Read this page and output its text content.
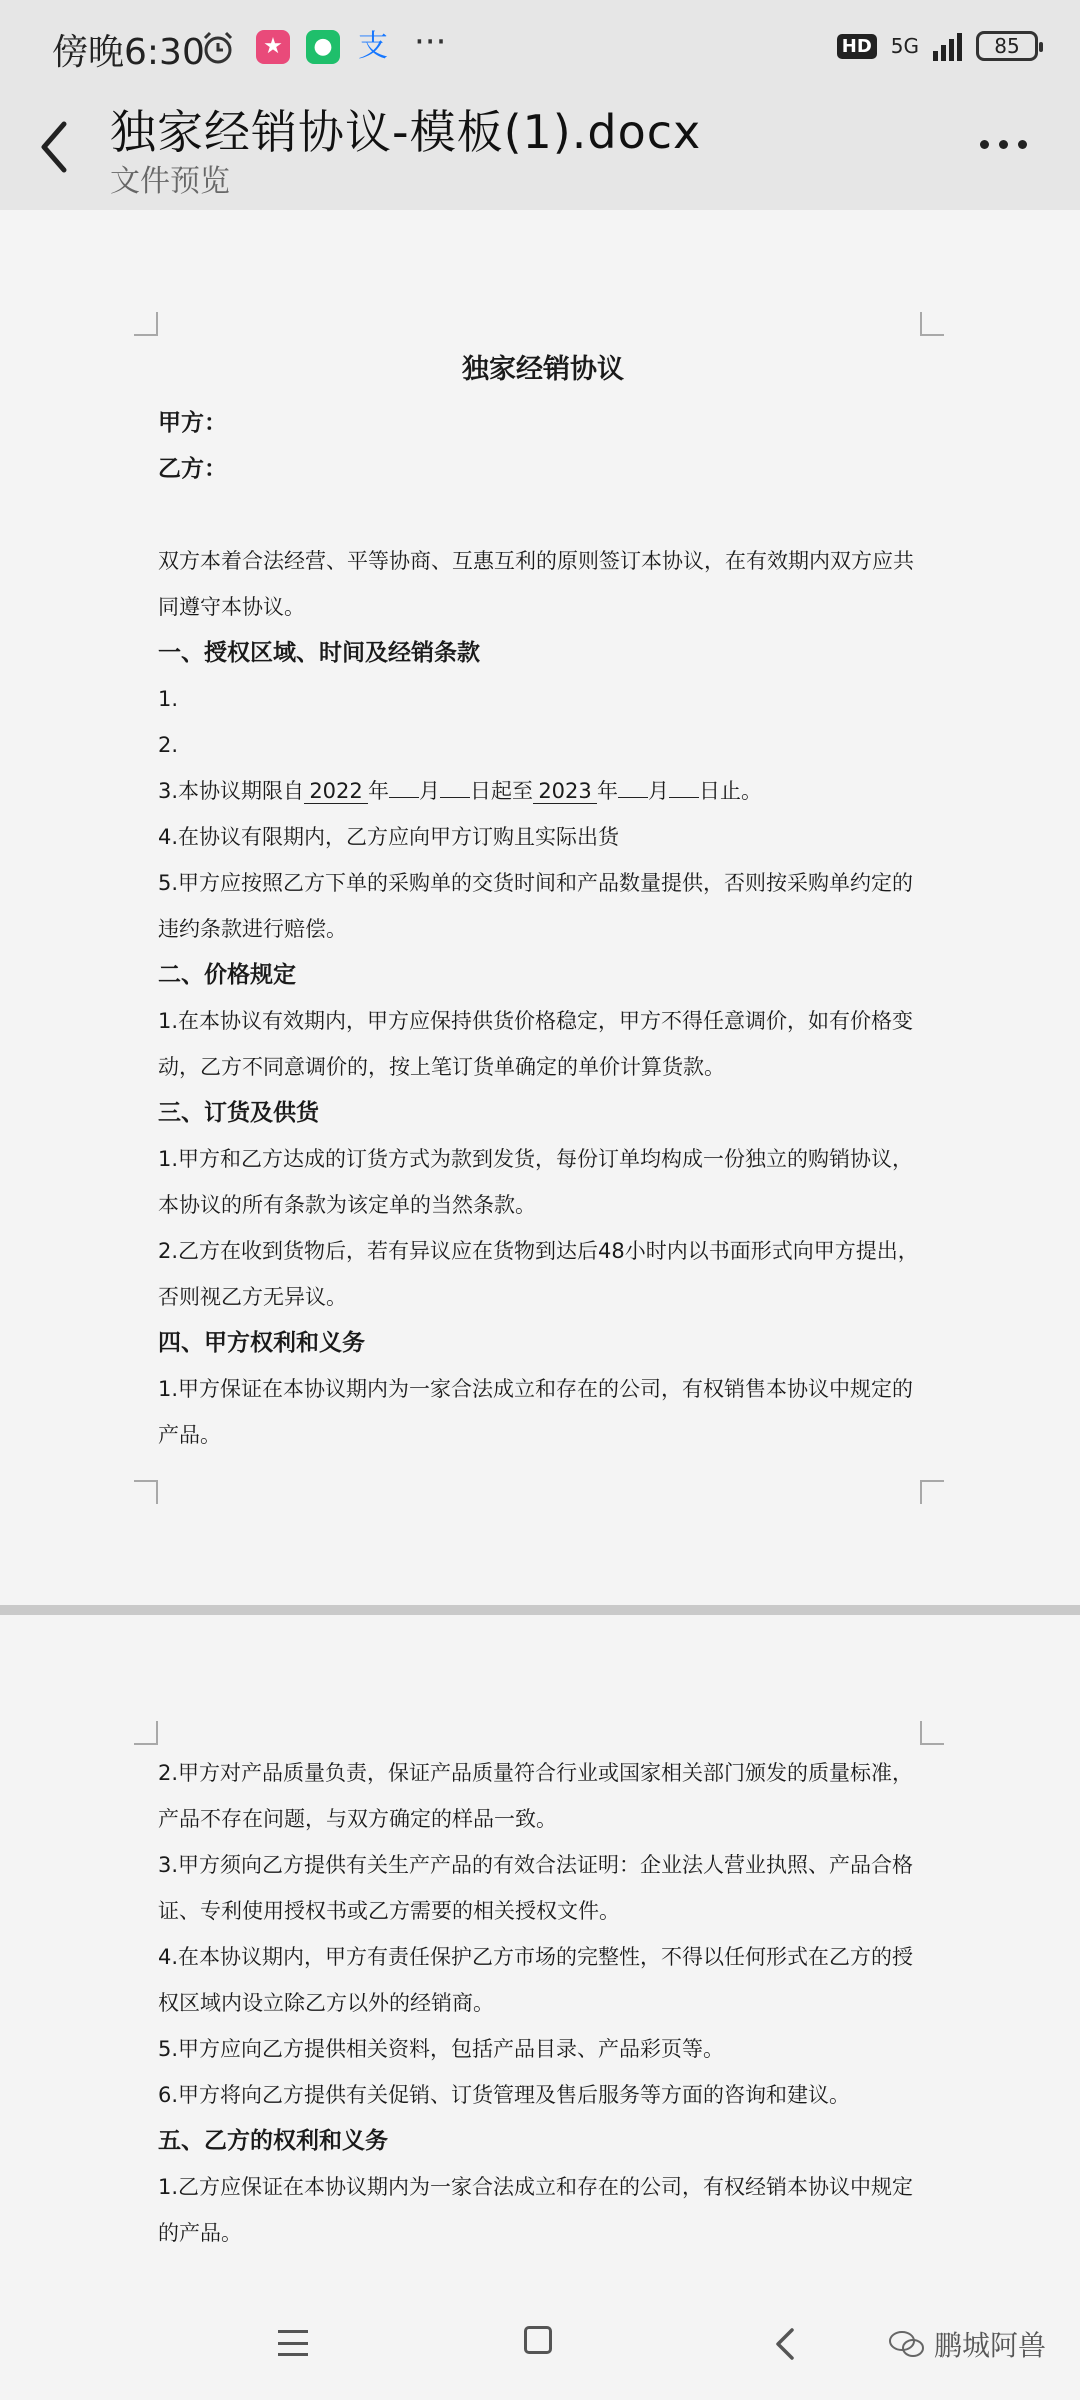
傍晚6:30	★	● 支 ···	HD 5G	85
独家经销协议-模板(1).docx
文件预览
独家经销协议
甲方：
乙方：
双方本着合法经营、平等协商、互惠互利的原则签订本协议，在有效期内双方应共
同遵守本协议。
一、授权区域、时间及经销条款
1.
2.
3.本协议期限自 2022 年 月 日起至 2023 年 月 日止。
4.在协议有限期内，乙方应向甲方订购且实际出货
5.甲方应按照乙方下单的采购单的交货时间和产品数量提供，否则按采购单约定的
违约条款进行赔偿。
二、价格规定
1.在本协议有效期内，甲方应保持供货价格稳定，甲方不得任意调价，如有价格变
动，乙方不同意调价的，按上笔订货单确定的单价计算货款。
三、订货及供货
1.甲方和乙方达成的订货方式为款到发货，每份订单均构成一份独立的购销协议，
本协议的所有条款为该定单的当然条款。
2.乙方在收到货物后，若有异议应在货物到达后48小时内以书面形式向甲方提出，
否则视乙方无异议。
四、甲方权利和义务
1.甲方保证在本协议期内为一家合法成立和存在的公司，有权销售本协议中规定的
产品。
2.甲方对产品质量负责，保证产品质量符合行业或国家相关部门颁发的质量标准，
产品不存在问题，与双方确定的样品一致。
3.甲方须向乙方提供有关生产产品的有效合法证明：企业法人营业执照、产品合格
证、专利使用授权书或乙方需要的相关授权文件。
4.在本协议期内，甲方有责任保护乙方市场的完整性，不得以任何形式在乙方的授
权区域内设立除乙方以外的经销商。
5.甲方应向乙方提供相关资料，包括产品目录、产品彩页等。
6.甲方将向乙方提供有关促销、订货管理及售后服务等方面的咨询和建议。
五、乙方的权利和义务
1.乙方应保证在本协议期内为一家合法成立和存在的公司，有权经销本协议中规定
的产品。
鹏城阿兽
